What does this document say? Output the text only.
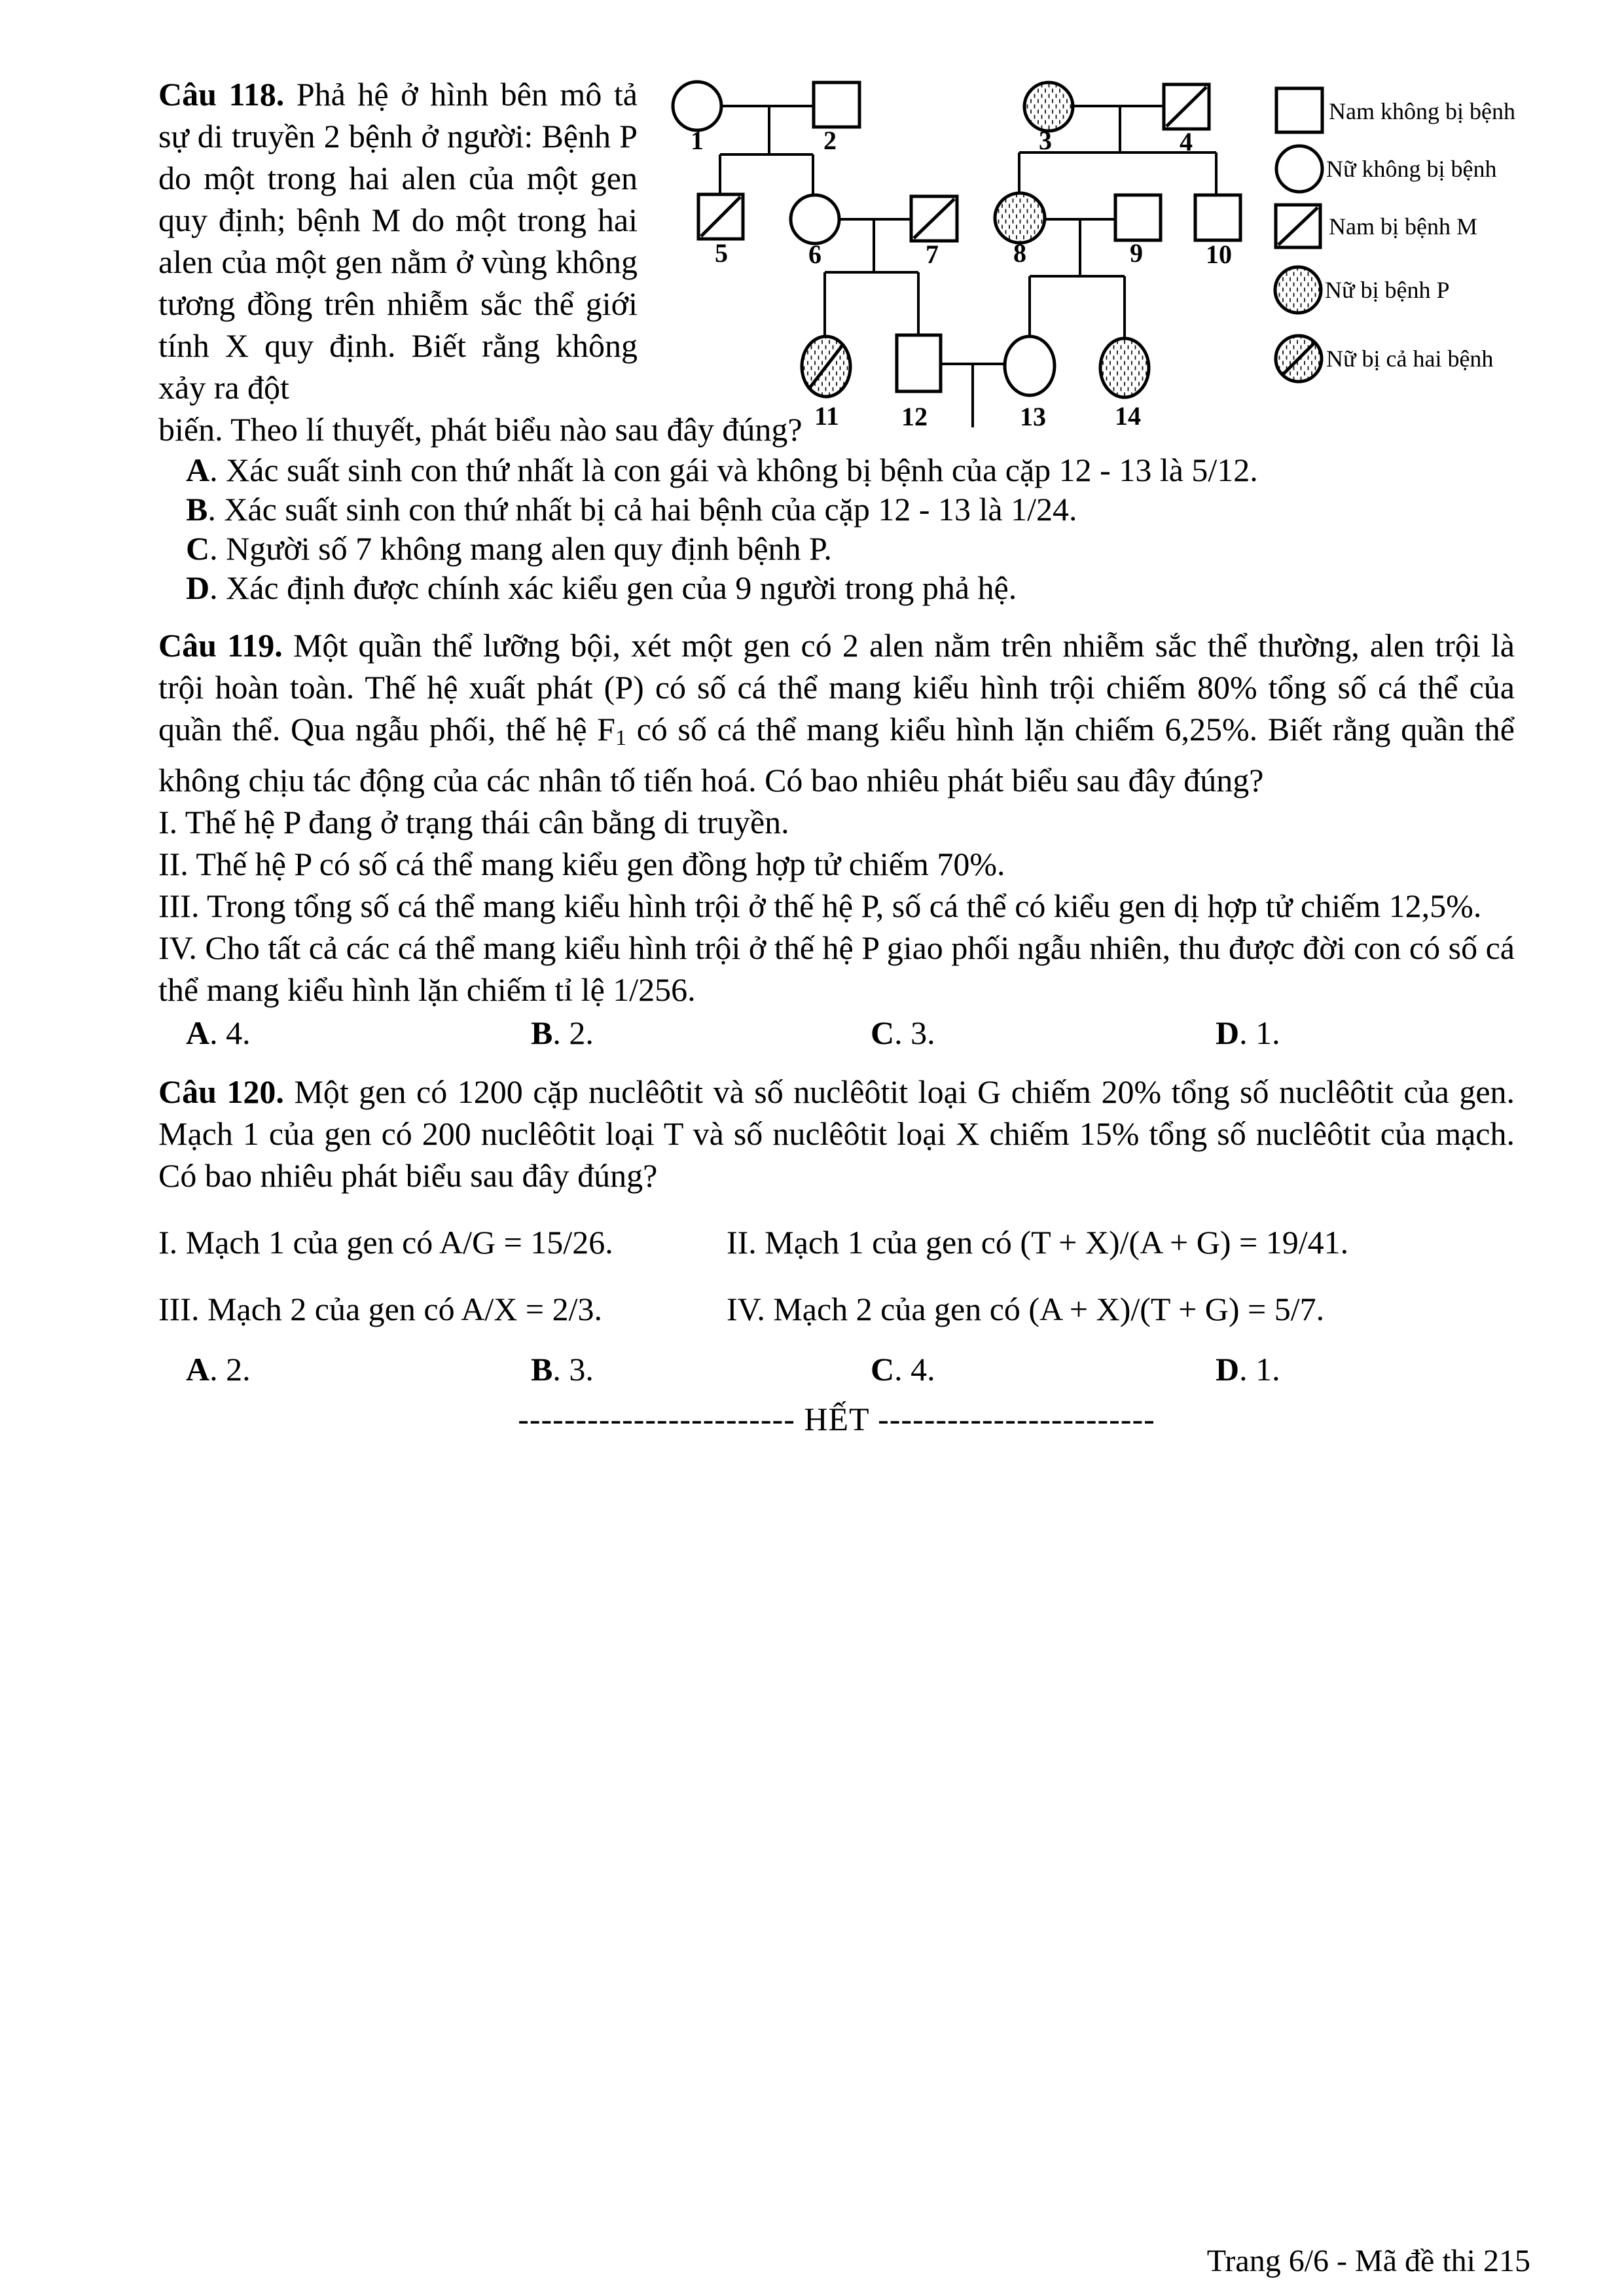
Câu 118. Phả hệ ở hình bên mô tả sự di truyền 2 bệnh ở người: Bệnh P do một trong hai alen của một gen quy định; bệnh M do một trong hai alen của một gen nằm ở vùng không tương đồng trên nhiễm sắc thể giới tính X quy định. Biết rằng không xảy ra đột
1	2	3	4
5	6	7	8	9 10
11 12	13	14
Nam không bị bệnh
Nữ không bị bệnh
Nam bị bệnh M
Nữ bị bệnh P
Nữ bị cả hai bệnh

biến. Theo lí thuyết, phát biểu nào sau đây đúng?

A. Xác suất sinh con thứ nhất là con gái và không bị bệnh của cặp 12 - 13 là 5/12.
B. Xác suất sinh con thứ nhất bị cả hai bệnh của cặp 12 - 13 là 1/24.
C. Người số 7 không mang alen quy định bệnh P.
D. Xác định được chính xác kiểu gen của 9 người trong phả hệ.

Câu 119. Một quần thể lưỡng bội, xét một gen có 2 alen nằm trên nhiễm sắc thể thường, alen trội là trội hoàn toàn. Thế hệ xuất phát (P) có số cá thể mang kiểu hình trội chiếm 80% tổng số cá thể của quần thể. Qua ngẫu phối, thế hệ $F_1$ có số cá thể mang kiểu hình lặn chiếm 6,25%. Biết rằng quần thể không chịu tác động của các nhân tố tiến hoá. Có bao nhiêu phát biểu sau đây đúng?

I. Thế hệ P đang ở trạng thái cân bằng di truyền.

II. Thế hệ P có số cá thể mang kiểu gen đồng hợp tử chiếm 70%.

III. Trong tổng số cá thể mang kiểu hình trội ở thế hệ P, số cá thể có kiểu gen dị hợp tử chiếm 12,5%.

IV. Cho tất cả các cá thể mang kiểu hình trội ở thế hệ P giao phối ngẫu nhiên, thu được đời con có số cá thể mang kiểu hình lặn chiếm tỉ lệ 1/256.

A. 4.	B. 2.	C. 3.	D. 1.

Câu 120. Một gen có 1200 cặp nuclêôtit và số nuclêôtit loại G chiếm 20% tổng số nuclêôtit của gen. Mạch 1 của gen có 200 nuclêôtit loại T và số nuclêôtit loại X chiếm 15% tổng số nuclêôtit của mạch. Có bao nhiêu phát biểu sau đây đúng?

I. Mạch 1 của gen có A/G = 15/26.	II. Mạch 1 của gen có (T + X)/(A + G) = 19/41.
III. Mạch 2 của gen có A/X = 2/3.	IV. Mạch 2 của gen có (A + X)/(T + G) = 5/7.
A. 2.	B. 3.	C. 4.	D. 1.

------------------------ HẾT ------------------------

Trang 6/6 - Mã đề thi 215
